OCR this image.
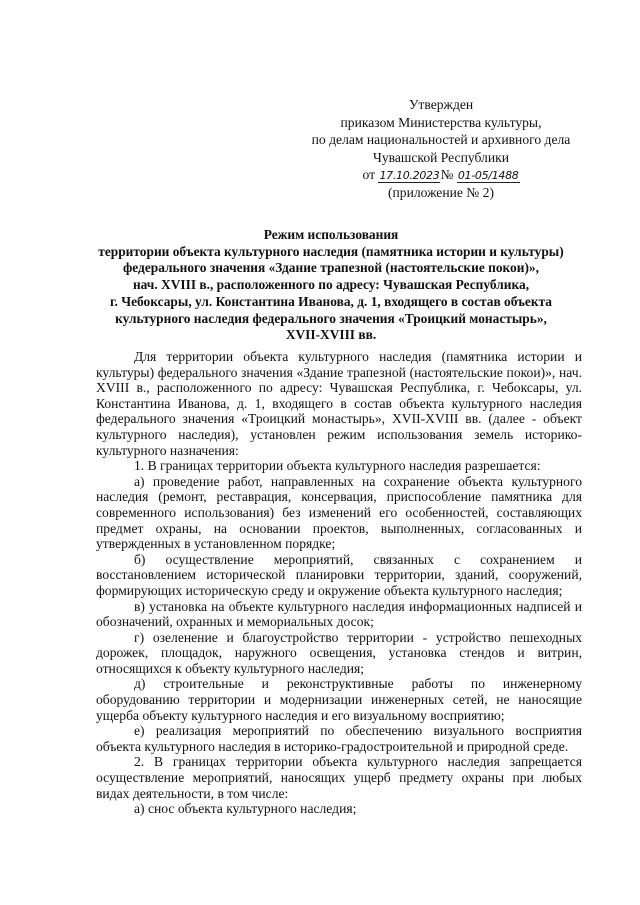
Утвержден
приказом Министерства культуры,
по делам национальностей и архивного дела
Чувашской Республики
от 17.10.2023№ 01-05/1488
(приложение № 2)
Режим использования
территории объекта культурного наследия (памятника истории и культуры)
федерального значения «Здание трапезной (настоятельские покои)»,
нач. XVIII в., расположенного по адресу: Чувашская Республика,
г. Чебоксары, ул. Константина Иванова, д. 1, входящего в состав объекта
культурного наследия федерального значения «Троицкий монастырь»,
XVII-XVIII вв.

Для территории объекта культурного наследия (памятника истории и культуры) федерального значения «Здание трапезной (настоятельские покои)», нач. XVIII в., расположенного по адресу: Чувашская Республика, г. Чебоксары, ул. Константина Иванова, д. 1, входящего в состав объекта культурного наследия федерального значения «Троицкий монастырь», XVII-XVIII вв. (далее - объект культурного наследия), установлен режим использования земель историко-культурного назначения:

1. В границах территории объекта культурного наследия разрешается:

а) проведение работ, направленных на сохранение объекта культурного наследия (ремонт, реставрация, консервация, приспособление памятника для современного использования) без изменений его особенностей, составляющих предмет охраны, на основании проектов, выполненных, согласованных и утвержденных в установленном порядке;

б) осуществление мероприятий, связанных с сохранением и восстановлением исторической планировки территории, зданий, сооружений, формирующих историческую среду и окружение объекта культурного наследия;

в) установка на объекте культурного наследия информационных надписей и обозначений, охранных и мемориальных досок;

г) озеленение и благоустройство территории - устройство пешеходных дорожек, площадок, наружного освещения, установка стендов и витрин, относящихся к объекту культурного наследия;

д) строительные и реконструктивные работы по инженерному оборудованию территории и модернизации инженерных сетей, не наносящие ущерба объекту культурного наследия и его визуальному восприятию;

е) реализация мероприятий по обеспечению визуального восприятия объекта культурного наследия в историко-градостроительной и природной среде.

2. В границах территории объекта культурного наследия запрещается осуществление мероприятий, наносящих ущерб предмету охраны при любых видах деятельности, в том числе:

а) снос объекта культурного наследия;
